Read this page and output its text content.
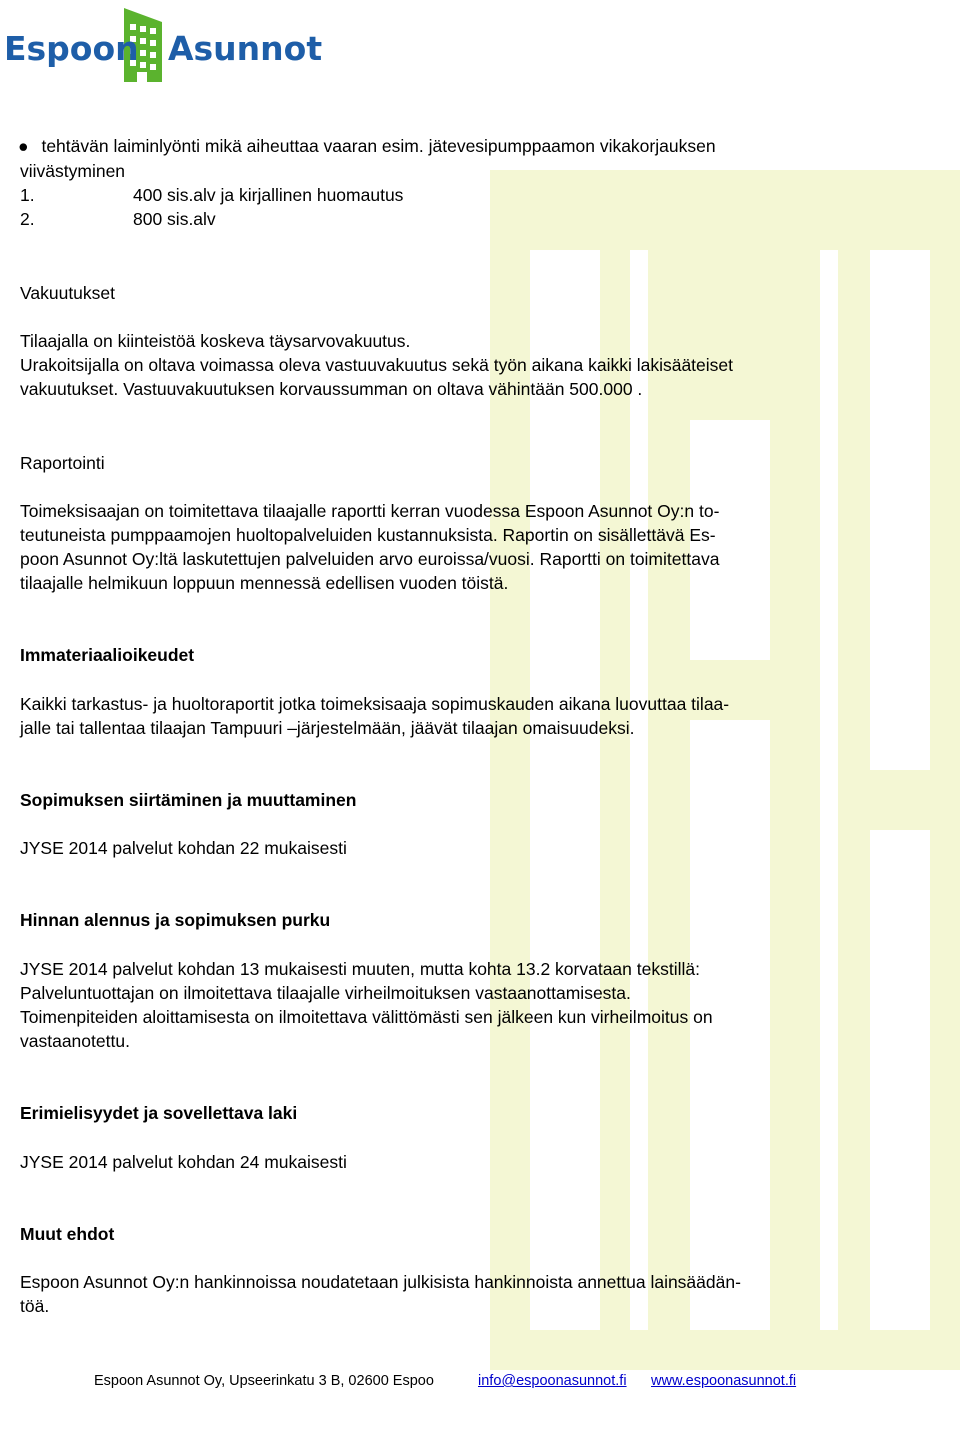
Espoon Asunnot
● tehtävän laiminlyönti mikä aiheuttaa vaaran esim. jätevesipumppaamon vikakorjauksen
viivästyminen
1.	400 sis.alv ja kirjallinen huomautus
2.	800 sis.alv
Vakuutukset
Tilaajalla on kiinteistöä koskeva täysarvovakuutus.
Urakoitsijalla on oltava voimassa oleva vastuuvakuutus sekä työn aikana kaikki lakisääteiset
vakuutukset. Vastuuvakuutuksen korvaussumman on oltava vähintään 500.000 .
Raportointi
Toimeksisaajan on toimitettava tilaajalle raportti kerran vuodessa Espoon Asunnot Oy:n to-
teutuneista pumppaamojen huoltopalveluiden kustannuksista. Raportin on sisällettävä Es-
poon Asunnot Oy:ltä laskutettujen palveluiden arvo euroissa/vuosi. Raportti on toimitettava
tilaajalle helmikuun loppuun mennessä edellisen vuoden töistä.
Immateriaalioikeudet
Kaikki tarkastus- ja huoltoraportit jotka toimeksisaaja sopimuskauden aikana luovuttaa tilaa-
jalle tai tallentaa tilaajan Tampuuri –järjestelmään, jäävät tilaajan omaisuudeksi.
Sopimuksen siirtäminen ja muuttaminen
JYSE 2014 palvelut kohdan 22 mukaisesti
Hinnan alennus ja sopimuksen purku
JYSE 2014 palvelut kohdan 13 mukaisesti muuten, mutta kohta 13.2 korvataan tekstillä:
Palveluntuottajan on ilmoitettava tilaajalle virheilmoituksen vastaanottamisesta.
Toimenpiteiden aloittamisesta on ilmoitettava välittömästi sen jälkeen kun virheilmoitus on
vastaanotettu.
Erimielisyydet ja sovellettava laki
JYSE 2014 palvelut kohdan 24 mukaisesti
Muut ehdot
Espoon Asunnot Oy:n hankinnoissa noudatetaan julkisista hankinnoista annettua lainsäädän-
töä.
Espoon Asunnot Oy, Upseerinkatu 3 B, 02600 Espoo	info@espoonasunnot.fi www.espoonasunnot.fi
